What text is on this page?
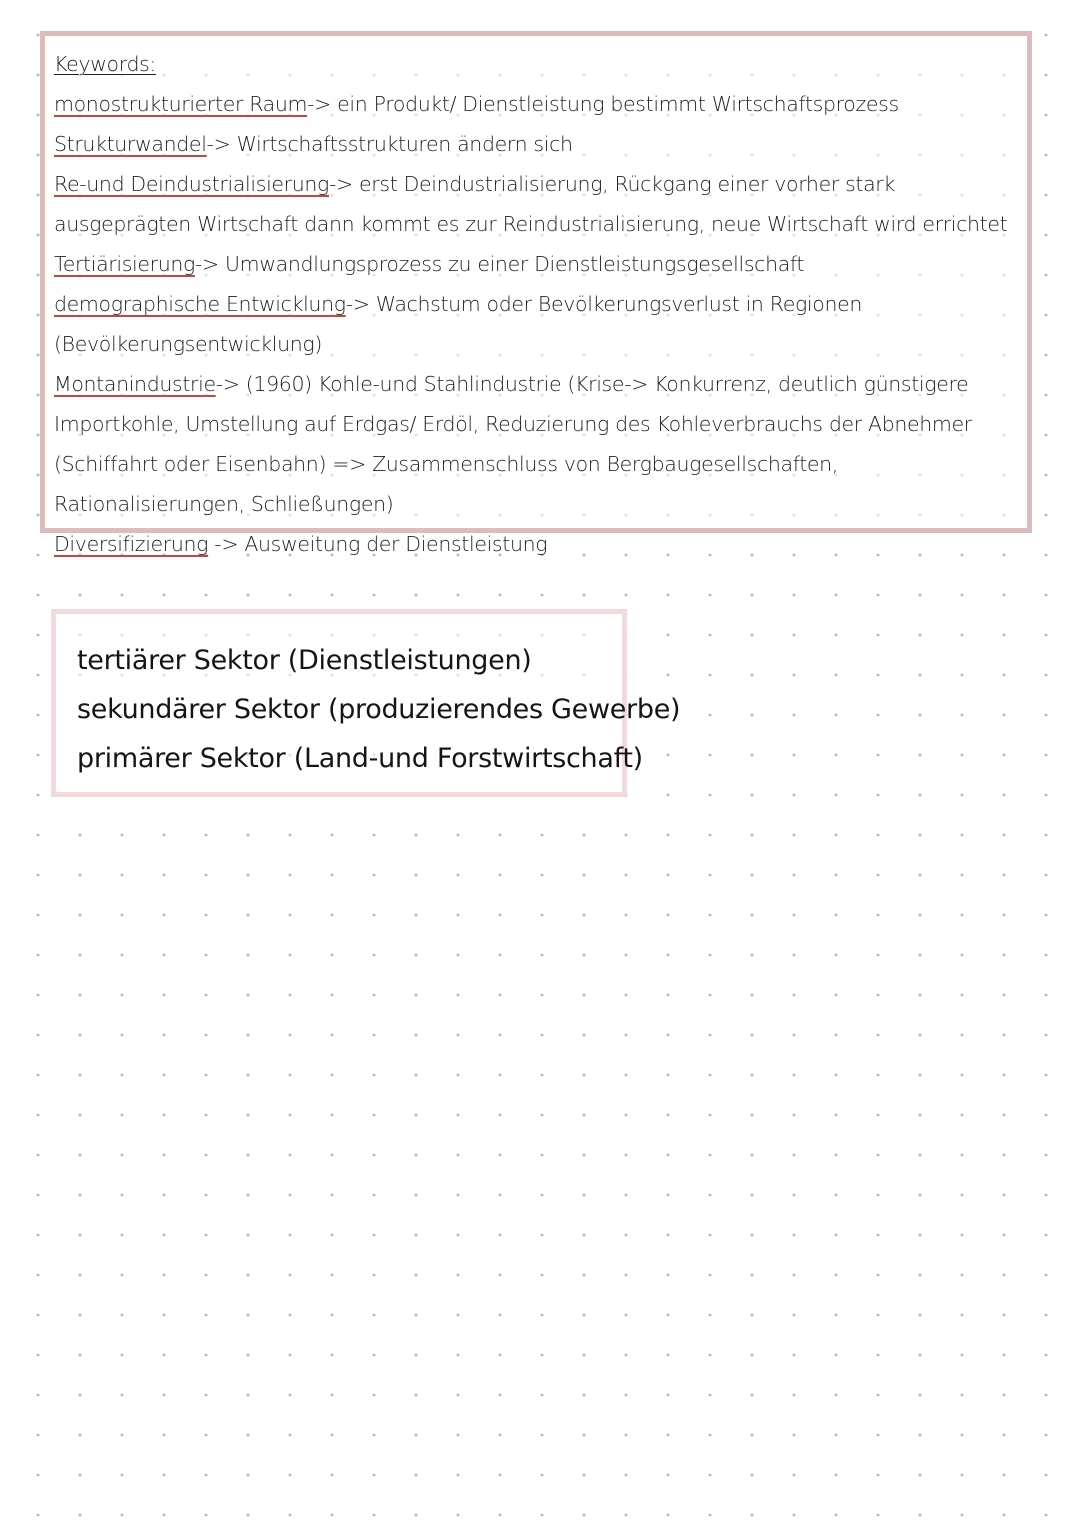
Keywords:
monostrukturierter Raum-> ein Produkt/ Dienstleistung bestimmt Wirtschaftsprozess
Strukturwandel-> Wirtschaftsstrukturen ändern sich
Re-und Deindustrialisierung-> erst Deindustrialisierung, Rückgang einer vorher stark ausgeprägten Wirtschaft dann kommt es zur Reindustrialisierung, neue Wirtschaft wird errichtet
Tertiärisierung-> Umwandlungsprozess zu einer Dienstleistungsgesellschaft
demographische Entwicklung-> Wachstum oder Bevölkerungsverlust in Regionen (Bevölkerungsentwicklung)
Montanindustrie-> (1960) Kohle-und Stahlindustrie (Krise-> Konkurrenz, deutlich günstigere Importkohle, Umstellung auf Erdgas/ Erdöl, Reduzierung des Kohleverbrauchs der Abnehmer (Schiffahrt oder Eisenbahn) => Zusammenschluss von Bergbaugesellschaften, Rationalisierungen, Schließungen)
Diversifizierung -> Ausweitung der Dienstleistung
tertiärer Sektor (Dienstleistungen)
sekundärer Sektor (produzierendes Gewerbe)
primärer Sektor (Land-und Forstwirtschaft)
